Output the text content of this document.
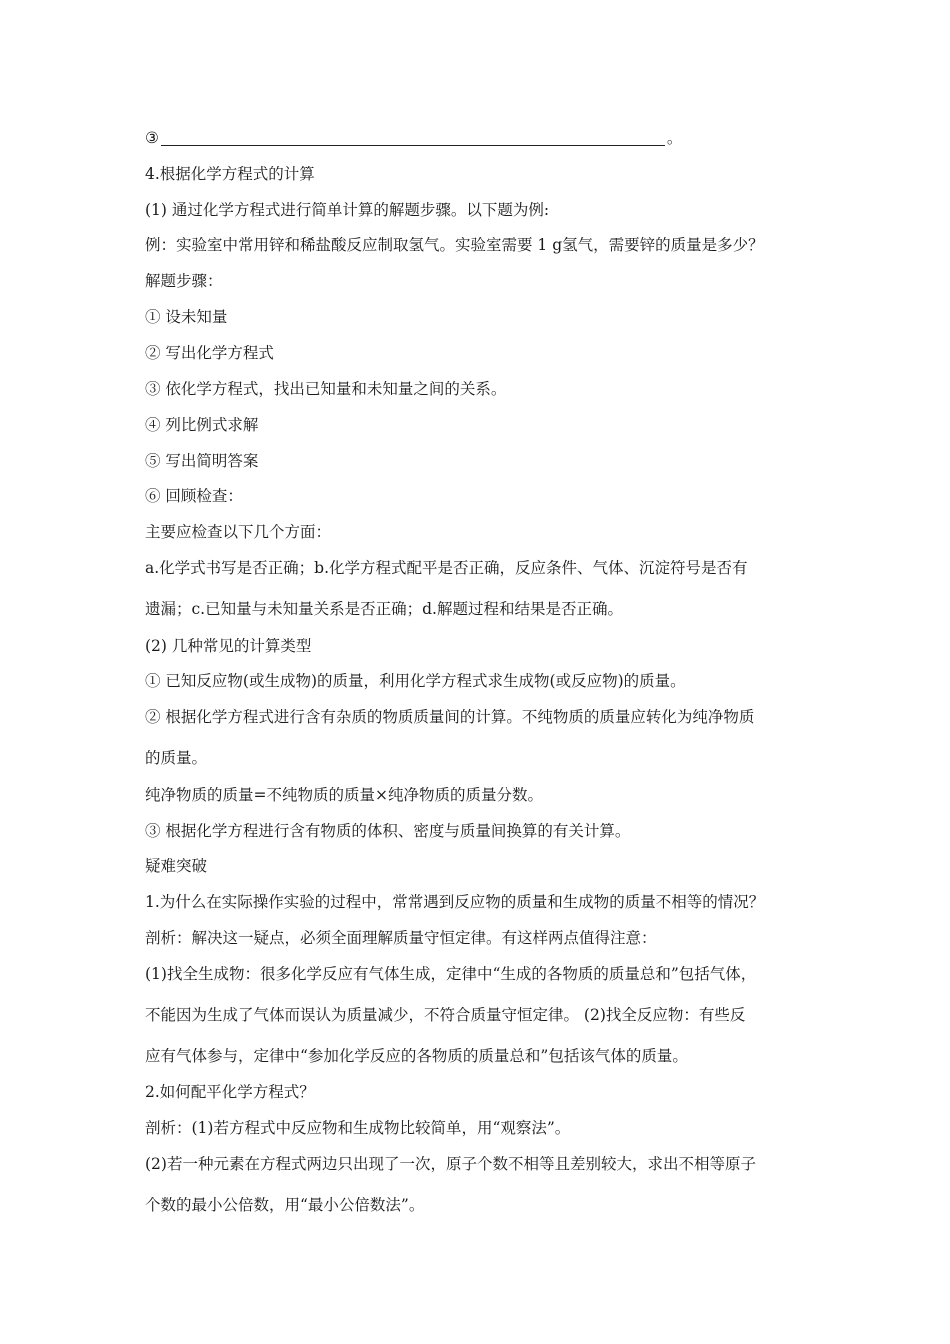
③	。
4.根据化学方程式的计算
(1) 通过化学方程式进行简单计算的解题步骤。以下题为例:
例：实验室中常用锌和稀盐酸反应制取氢气。实验室需要 1 g氢气，需要锌的质量是多少？
解题步骤：
① 设未知量
② 写出化学方程式
③ 依化学方程式，找出已知量和未知量之间的关系。
④ 列比例式求解
⑤ 写出简明答案
⑥ 回顾检查：
主要应检查以下几个方面：
a.化学式书写是否正确；b.化学方程式配平是否正确，反应条件、气体、沉淀符号是否有
遗漏；c.已知量与未知量关系是否正确；d.解题过程和结果是否正确。
(2) 几种常见的计算类型
① 已知反应物(或生成物)的质量，利用化学方程式求生成物(或反应物)的质量。
② 根据化学方程式进行含有杂质的物质质量间的计算。不纯物质的质量应转化为纯净物质
的质量。
纯净物质的质量=不纯物质的质量×纯净物质的质量分数。
③ 根据化学方程进行含有物质的体积、密度与质量间换算的有关计算。
疑难突破
1.为什么在实际操作实验的过程中，常常遇到反应物的质量和生成物的质量不相等的情况？
剖析：解决这一疑点，必须全面理解质量守恒定律。有这样两点值得注意：
(1)找全生成物：很多化学反应有气体生成，定律中“生成的各物质的质量总和”包括气体，
不能因为生成了气体而误认为质量减少，不符合质量守恒定律。 (2)找全反应物：有些反
应有气体参与，定律中“参加化学反应的各物质的质量总和”包括该气体的质量。
2.如何配平化学方程式？
剖析：(1)若方程式中反应物和生成物比较简单，用“观察法”。
(2)若一种元素在方程式两边只出现了一次，原子个数不相等且差别较大，求出不相等原子
个数的最小公倍数，用“最小公倍数法”。
